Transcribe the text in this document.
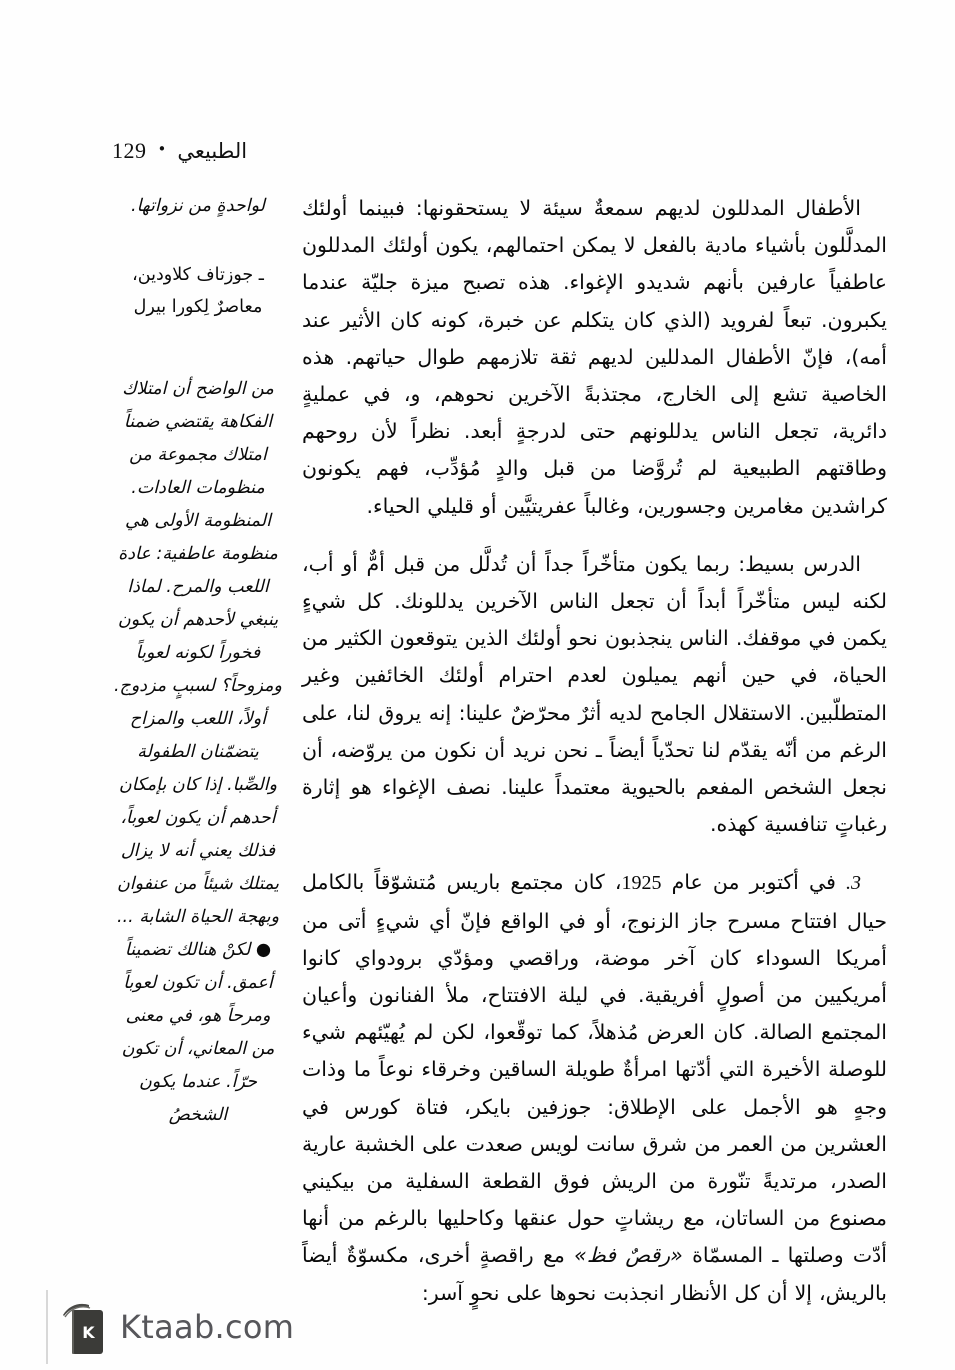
129 • الطبيعي

الأطفال المدللون لديهم سمعةٌ سيئة لا يستحقونها: فبينما أولئك المدلَّلون بأشياء مادية بالفعل لا يمكن احتمالهم، يكون أولئك المدللون عاطفياً عارفين بأنهم شديدو الإغواء. هذه تصبح ميزة جليّة عندما يكبرون. تبعاً لفرويد (الذي كان يتكلم عن خبرة، كونه كان الأثير عند أمه)، فإنّ الأطفال المدللين لديهم ثقة تلازمهم طوال حياتهم. هذه الخاصية تشع إلى الخارج، مجتذبةً الآخرين نحوهم، و، في عمليةٍ دائرية، تجعل الناس يدللونهم حتى لدرجةٍ أبعد. نظراً لأن روحهم وطاقتهم الطبيعية لم تُروَّضا من قبل والدٍ مُؤدِّب، فهم يكونون كراشدين مغامرين وجسورين، وغالباً عفريتيَّين أو قليلي الحياء.

الدرس بسيط: ربما يكون متأخّراً جداً أن تُدلَّل من قبل أمٌّ أو أب، لكنه ليس متأخّراً أبداً أن تجعل الناس الآخرين يدللونك. كل شيءٍ يكمن في موقفك. الناس ينجذبون نحو أولئك الذين يتوقعون الكثير من الحياة، في حين أنهم يميلون لعدم احترام أولئك الخائفين وغير المتطلّبين. الاستقلال الجامح لديه أثرٌ محرّضٌ علينا: إنه يروق لنا، على الرغم من أنّه يقدّم لنا تحدّياً أيضاً ـ نحن نريد أن نكون من يروّضه، أن نجعل الشخص المفعم بالحيوية معتمداً علينا. نصف الإغواء هو إثارة رغباتٍ تنافسية كهذه.

3. في أكتوبر من عام 1925، كان مجتمع باريس مُتشوّقاً بالكامل حيال افتتاح مسرح جاز الزنوج، أو في الواقع فإنّ أي شيءٍ أتى من أمريكا السوداء كان آخر موضة، وراقصي ومؤدّي برودواي كانوا أمريكيين من أصولٍ أفريقية. في ليلة الافتتاح، ملأ الفنانون وأعيان المجتمع الصالة. كان العرض مُذهلاً، كما توقّعوا، لكن لم يُهيّئهم شيء للوصلة الأخيرة التي أدّتها امرأةٌ طويلة الساقين وخرقاء نوعاً ما وذات وجهٍ هو الأجمل على الإطلاق: جوزفين بايكر، فتاة كورس في العشرين من العمر من شرق سانت لويس صعدت على الخشبة عارية الصدر، مرتديةً تنّورة من الريش فوق القطعة السفلية من بيكيني مصنوع من الساتان، مع ريشاتٍ حول عنقها وكاحليها بالرغم من أنها أدّت وصلتها ـ المسمّاة «رقصٌ فظ» مع راقصةٍ أخرى، مكسوّةٌ أيضاً بالريش، إلا أن كل الأنظار انجذبت نحوها على نحوٍ آسر:

لواحدةٍ من نزواتها.
ـ جوزتاف كلاودين، معاصرٌ لِكورا بيرل
من الواضح أن امتلاك الفكاهة يقتضي ضمناً امتلاك مجموعة من منظومات العادات. المنظومة الأولى هي منظومة عاطفية: عادة اللعب والمرح. لماذا ينبغي لأحدهم أن يكون فخوراً لكونه لعوباً ومزوحاً؟ لسببٍ مزدوج. أولاً، اللعب والمزاح يتضمّنان الطفولة والصِّبا. إذا كان بإمكان أحدهم أن يكون لعوباً، فذلك يعني أنه لا يزال يمتلك شيئاً من عنفوان وبهجة الحياة الشابة ... ● لكنْ هنالك تضميناً أعمق. أن تكون لعوباً ومرحاً هو، في معنى من المعاني، أن تكون حرّاً. عندما يكون الشخصُ
K Ktaab.com
